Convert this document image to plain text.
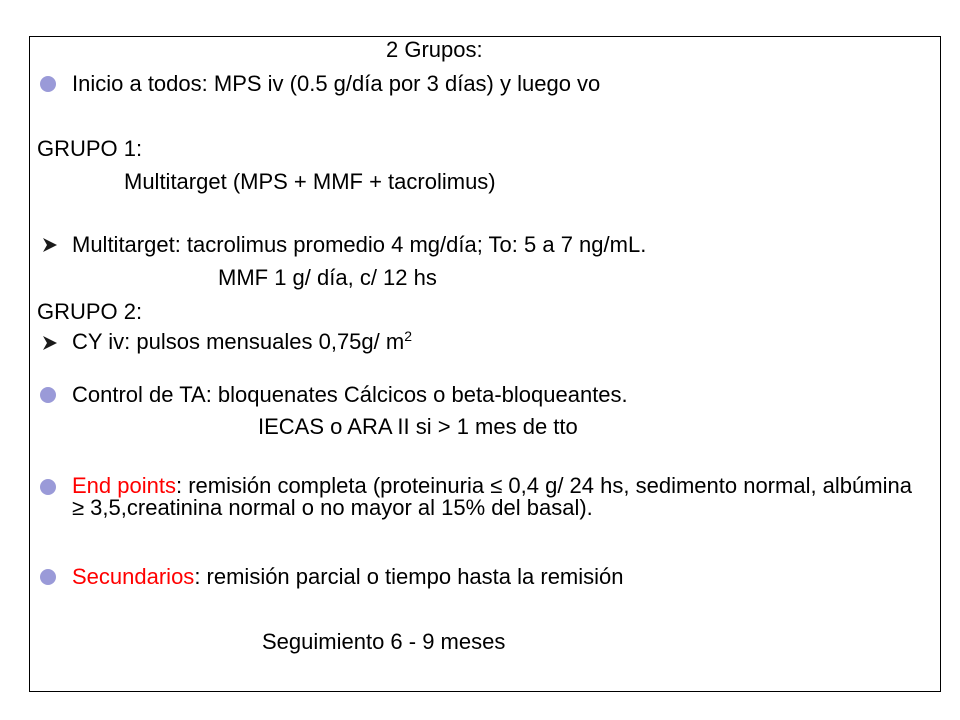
2 Grupos:
Inicio a todos: MPS iv (0.5 g/día por 3 días) y luego vo
GRUPO 1:
Multitarget (MPS + MMF + tacrolimus)
Multitarget: tacrolimus promedio 4 mg/día; To: 5 a 7 ng/mL.
MMF 1 g/ día, c/ 12 hs
GRUPO 2:
CY iv: pulsos mensuales 0,75g/ $m^2$
Control de TA: bloquenates Cálcicos o beta-bloqueantes.
IECAS o ARA II si > 1 mes de tto
End points: remisión completa (proteinuria ≤ 0,4 g/ 24 hs, sedimento normal, albúmina ≥ 3,5,creatinina normal o no mayor al 15% del basal).
Secundarios: remisión parcial o tiempo hasta la remisión
Seguimiento 6 - 9 meses
